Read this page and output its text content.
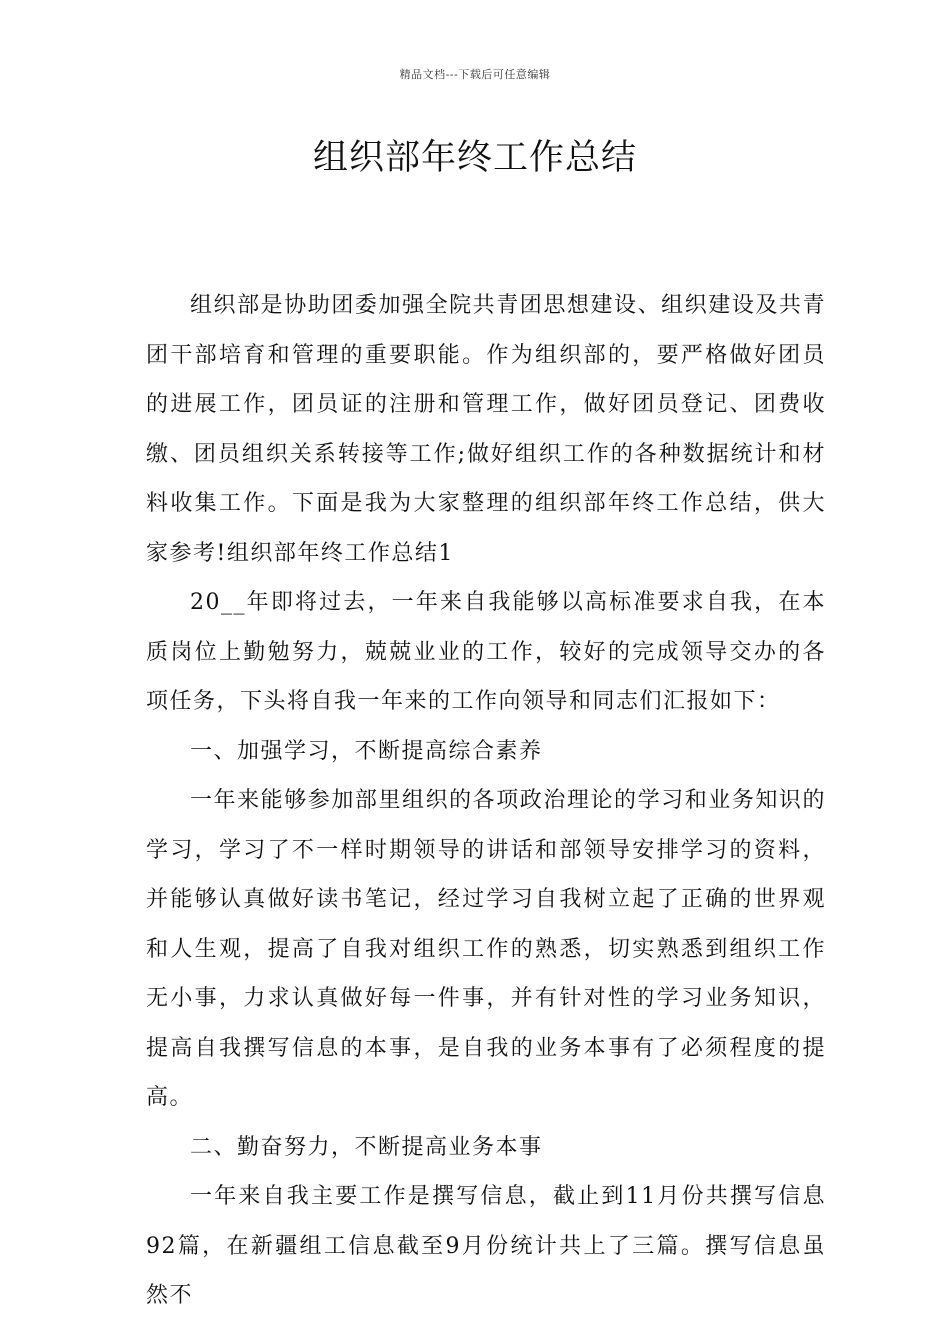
精品文档---下载后可任意编辑
组织部年终工作总结

组织部是协助团委加强全院共青团思想建设、组织建设及共青团干部培育和管理的重要职能。作为组织部的，要严格做好团员的进展工作，团员证的注册和管理工作，做好团员登记、团费收缴、团员组织关系转接等工作;做好组织工作的各种数据统计和材料收集工作。下面是我为大家整理的组织部年终工作总结，供大家参考!组织部年终工作总结1

20__年即将过去，一年来自我能够以高标准要求自我，在本质岗位上勤勉努力，兢兢业业的工作，较好的完成领导交办的各项任务，下头将自我一年来的工作向领导和同志们汇报如下：

一、加强学习，不断提高综合素养

一年来能够参加部里组织的各项政治理论的学习和业务知识的学习，学习了不一样时期领导的讲话和部领导安排学习的资料，并能够认真做好读书笔记，经过学习自我树立起了正确的世界观和人生观，提高了自我对组织工作的熟悉，切实熟悉到组织工作无小事，力求认真做好每一件事，并有针对性的学习业务知识，提高自我撰写信息的本事，是自我的业务本事有了必须程度的提高。

二、勤奋努力，不断提高业务本事

一年来自我主要工作是撰写信息，截止到11月份共撰写信息92篇，在新疆组工信息截至9月份统计共上了三篇。撰写信息虽然不
